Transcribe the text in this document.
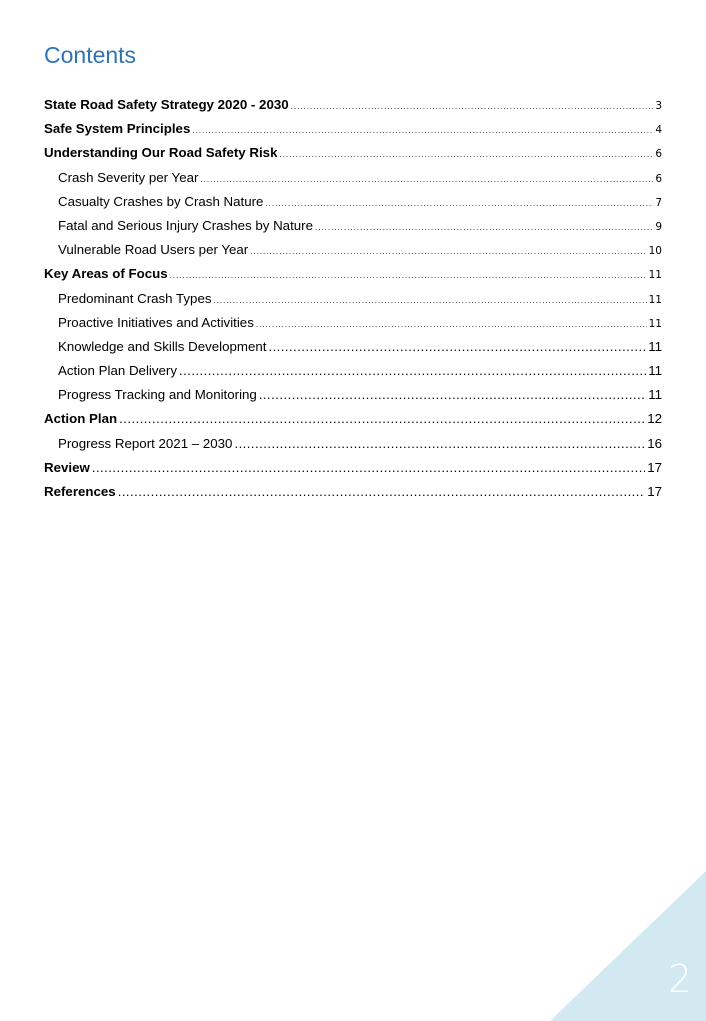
Contents
State Road Safety Strategy 2020 - 2030 .....	3
Safe System Principles .....	4
Understanding Our Road Safety Risk .....	6
Crash Severity per Year .....	6
Casualty Crashes by Crash Nature .....	7
Fatal and Serious Injury Crashes by Nature .....	9
Vulnerable Road Users per Year .....	10
Key Areas of Focus .....	11
Predominant Crash Types .....	11
Proactive Initiatives and Activities .....	11
Knowledge and Skills Development .....	11
Action Plan Delivery .....	11
Progress Tracking and Monitoring .....	11
Action Plan .....	12
Progress Report 2021 – 2030 .....	16
Review .....	17
References .....	17
2
